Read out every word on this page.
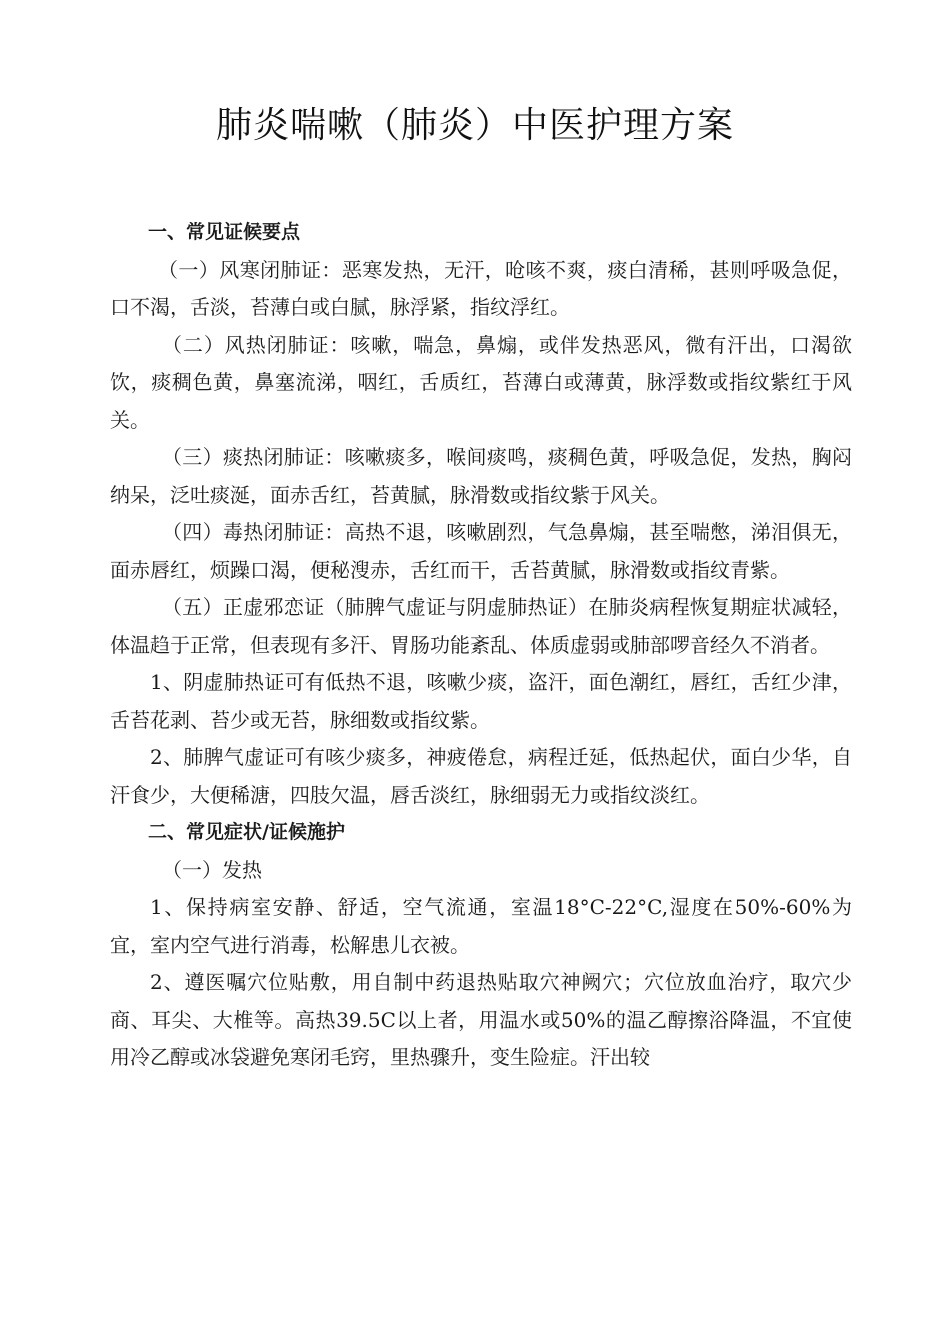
肺炎喘嗽（肺炎）中医护理方案

一、常见证候要点

（一）风寒闭肺证：恶寒发热，无汗，呛咳不爽，痰白清稀，甚则呼吸急促，口不渴，舌淡，苔薄白或白腻，脉浮紧，指纹浮红。

（二）风热闭肺证：咳嗽，喘急，鼻煽，或伴发热恶风，微有汗出，口渴欲饮，痰稠色黄，鼻塞流涕，咽红，舌质红，苔薄白或薄黄，脉浮数或指纹紫红于风关。

（三）痰热闭肺证：咳嗽痰多，喉间痰鸣，痰稠色黄，呼吸急促，发热，胸闷纳呆，泛吐痰涎，面赤舌红，苔黄腻，脉滑数或指纹紫于风关。

（四）毒热闭肺证：高热不退，咳嗽剧烈，气急鼻煽，甚至喘憋，涕泪俱无，面赤唇红，烦躁口渴，便秘溲赤，舌红而干，舌苔黄腻，脉滑数或指纹青紫。

（五）正虚邪恋证（肺脾气虚证与阴虚肺热证）在肺炎病程恢复期症状减轻，体温趋于正常，但表现有多汗、胃肠功能紊乱、体质虚弱或肺部啰音经久不消者。

1、阴虚肺热证可有低热不退，咳嗽少痰，盗汗，面色潮红，唇红，舌红少津，舌苔花剥、苔少或无苔，脉细数或指纹紫。

2、肺脾气虚证可有咳少痰多，神疲倦怠，病程迁延，低热起伏，面白少华，自汗食少，大便稀溏，四肢欠温，唇舌淡红，脉细弱无力或指纹淡红。

二、常见症状/证候施护

（一）发热

1、保持病室安静、舒适，空气流通，室温18°C-22°C,湿度在50%-60%为宜，室内空气进行消毒，松解患儿衣被。

2、遵医嘱穴位贴敷，用自制中药退热贴取穴神阙穴；穴位放血治疗，取穴少商、耳尖、大椎等。高热39.5C以上者，用温水或50%的温乙醇擦浴降温，不宜使用冷乙醇或冰袋避免寒闭毛窍，里热骤升，变生险症。汗出较
